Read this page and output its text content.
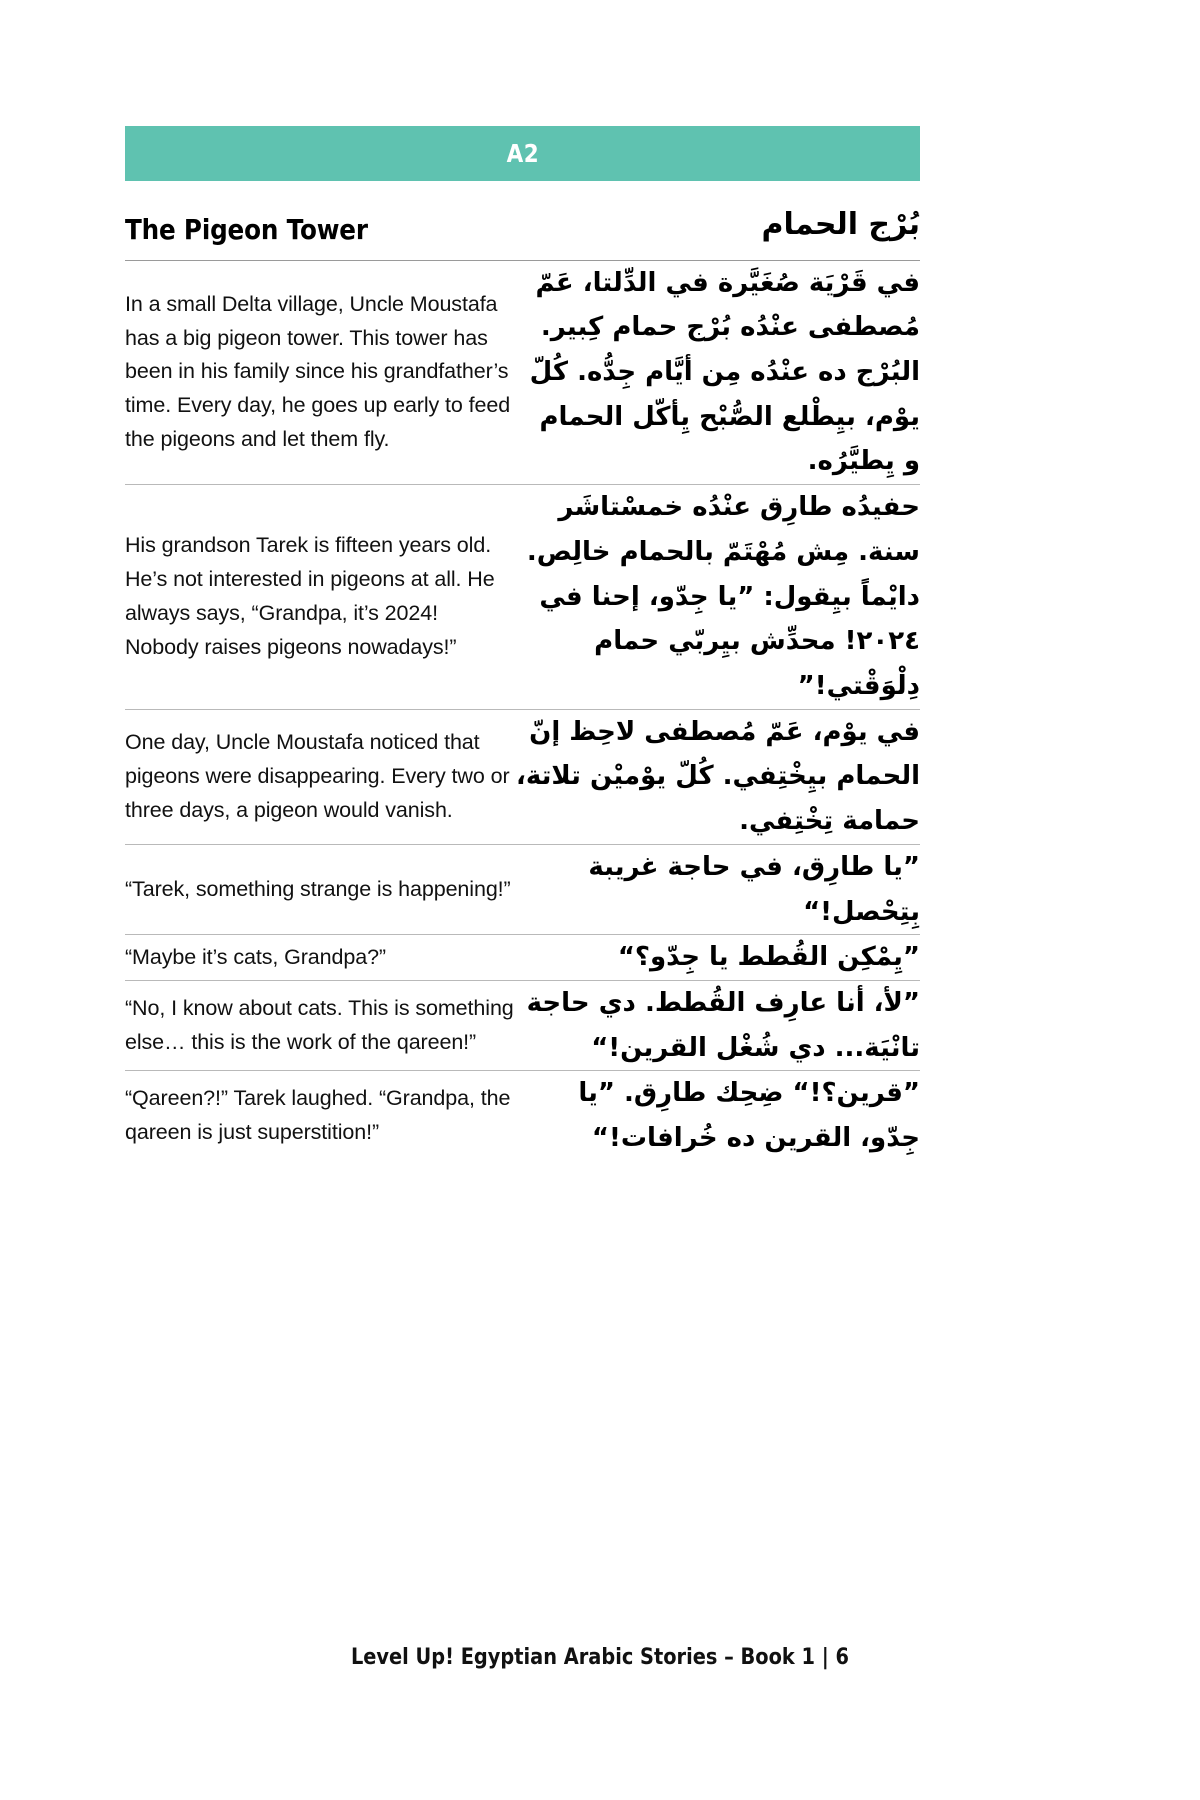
A2
The Pigeon Tower	برج الحمام
In a small Delta village, Uncle Moustafa has a big pigeon tower. This tower has been in his family since his grandfather’s time. Every day, he goes up early to feed the pigeons and let them fly.	في قرية صغيرة في الدلتا، عم مصطفى عنده برج حمام كبير. البرج ده عنده من أيام جده. كل يوم، بيطلع الصبح يأكل الحمام و يطيره.
His grandson Tarek is fifteen years old. He’s not interested in pigeons at all. He always says, “Grandpa, it’s 2024! Nobody raises pigeons nowadays!”	حفيده طارق عنده خمستاشر سنة. مش مهتم بالحمام خالص. دايما بيقول: ”يا جدو، إحنا في ٢٠٢٤! محدش بيربي حمام دلوقتي!”
One day, Uncle Moustafa noticed that pigeons were disappearing. Every two or three days, a pigeon would vanish.	في يوم، عم مصطفى لاحظ إن الحمام بيختفي. كل يومين تلاتة، حمامة تختفي.
“Tarek, something strange is happening!”	”يا طارق، في حاجة غريبة بتحصل!“
“Maybe it’s cats, Grandpa?”	”يمكن القطط يا جدو؟“
“No, I know about cats. This is something else… this is the work of the qareen!”	”لأ، أنا عارف القطط. دي حاجة تانية... دي شغل القرين!“
“Qareen?!” Tarek laughed. “Grandpa, the qareen is just superstition!”	”قرين؟!“ ضحك طارق. ”يا جدو، القرين ده خرافات!“
Level Up! Egyptian Arabic Stories – Book 1 | 6
